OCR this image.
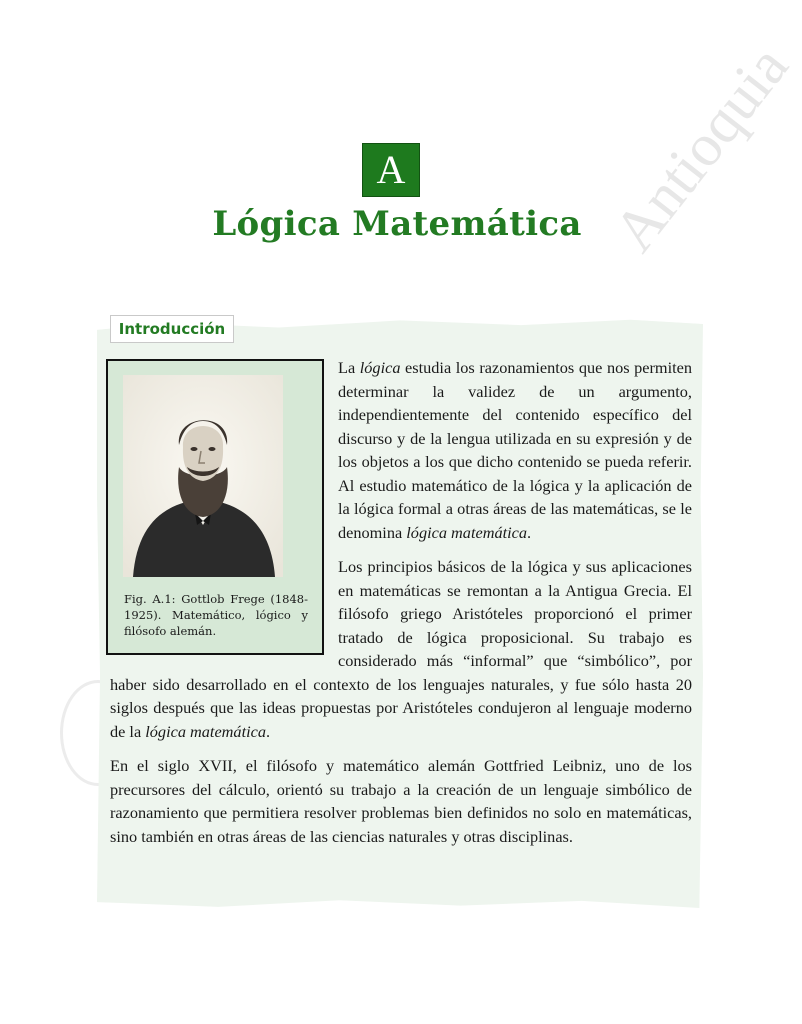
Antioquia
A
Lógica Matemática
Introducción
Fig. A.1: Gottlob Frege (1848-1925). Matemático, lógico y filósofo alemán.

La lógica estudia los razonamientos que nos permiten determinar la validez de un argumento, independientemente del contenido específico del discurso y de la lengua utilizada en su expresión y de los objetos a los que dicho contenido se pueda referir. Al estudio matemático de la lógica y la aplicación de la lógica formal a otras áreas de las matemáticas, se le denomina lógica matemática.

Los principios básicos de la lógica y sus aplicaciones en matemáticas se remontan a la Antigua Grecia. El filósofo griego Aristóteles proporcionó el primer tratado de lógica proposicional. Su trabajo es considerado más “informal” que “simbólico”, por haber sido desarrollado en el contexto de los lenguajes naturales, y fue sólo hasta 20 siglos después que las ideas propuestas por Aristóteles condujeron al lenguaje moderno de la lógica matemática.

En el siglo XVII, el filósofo y matemático alemán Gottfried Leibniz, uno de los precursores del cálculo, orientó su trabajo a la creación de un lenguaje simbólico de razonamiento que permitiera resolver problemas bien definidos no solo en matemáticas, sino también en otras áreas de las ciencias naturales y otras disciplinas.
